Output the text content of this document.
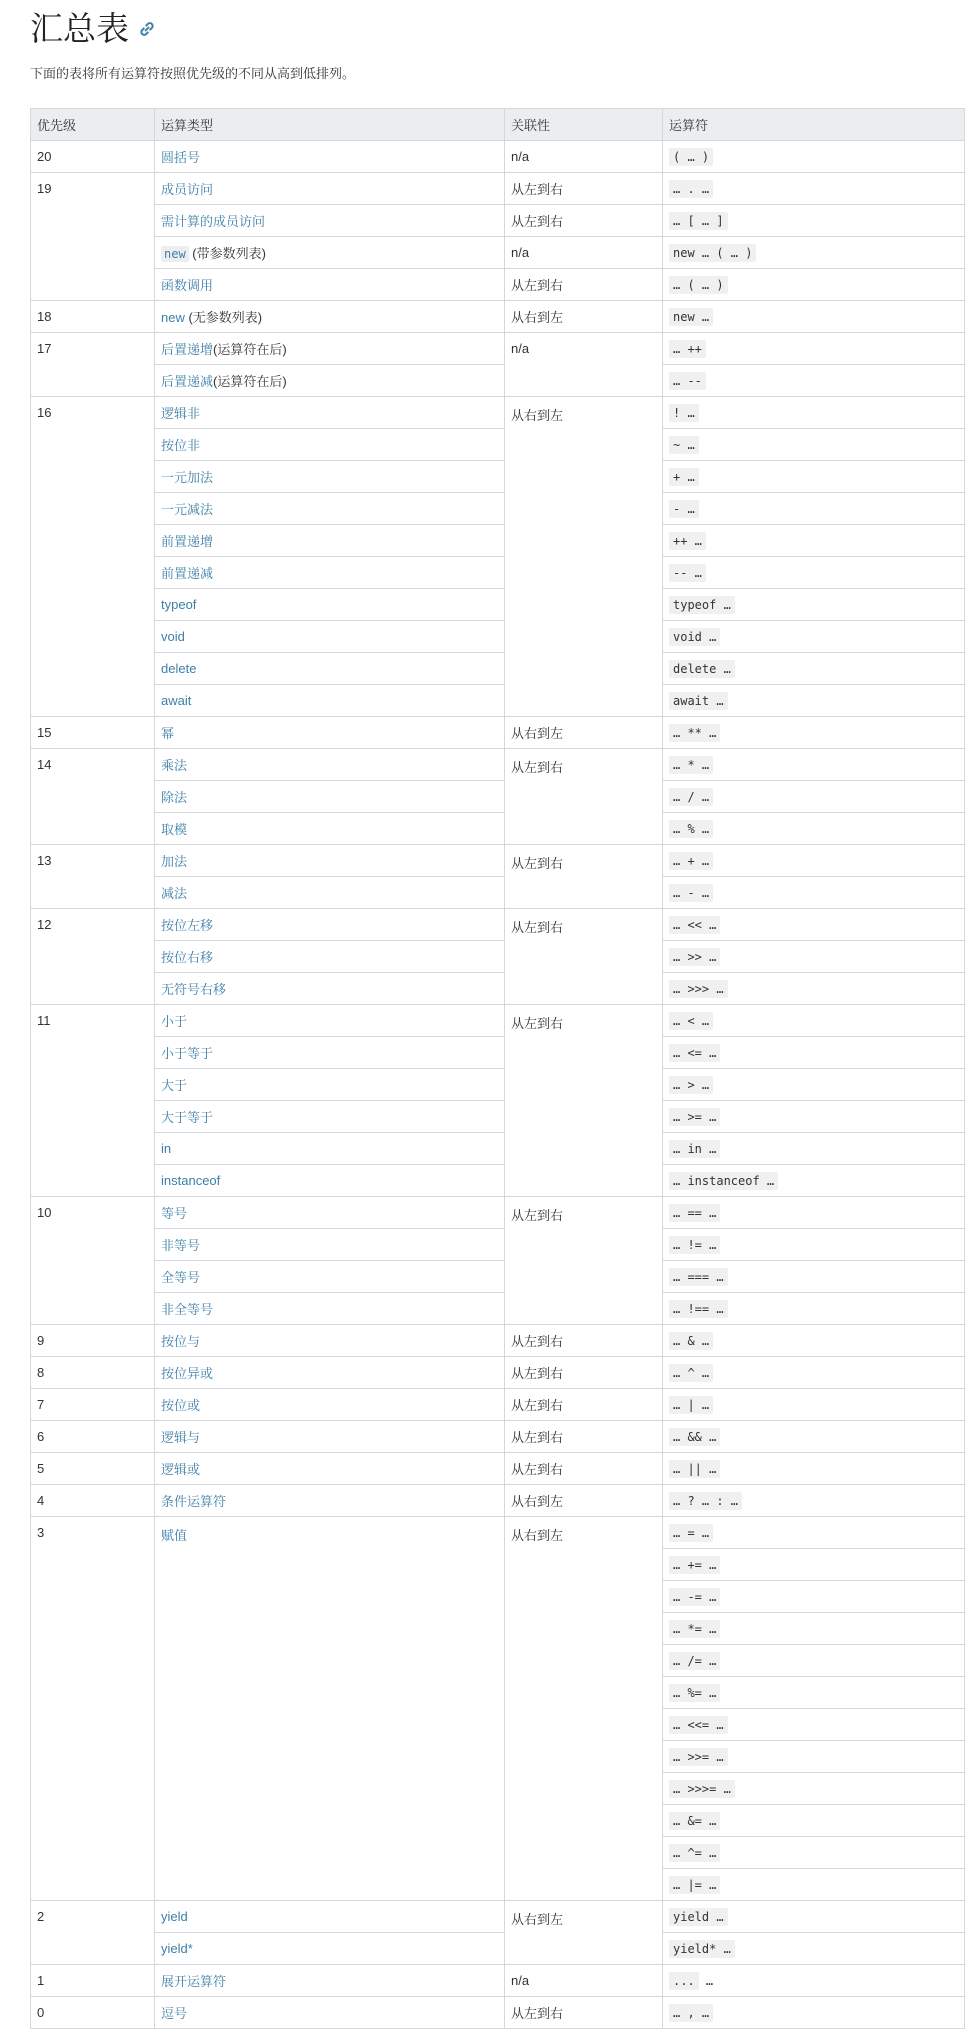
汇总表

下面的表将所有运算符按照优先级的不同从高到低排列。

优先级	运算类型	关联性	运算符
20	圆括号	n/a	( … )
19	成员访问	从左到右	… . …
	需计算的成员访问	从左到右	… [ … ]
	new (带参数列表)	n/a	new … ( … )
	函数调用	从左到右	… ( … )
18	new (无参数列表)	从右到左	new …
17	后置递增(运算符在后)	n/a	… ++
	后置递减(运算符在后)		… --
16	逻辑非	从右到左	! …
	按位非		~ …
	一元加法		+ …
	一元减法		- …
	前置递增		++ …
	前置递减		-- …
	typeof		typeof …
	void		void …
	delete		delete …
	await		await …
15	幂	从右到左	… ** …
14	乘法	从左到右	… * …
	除法		… / …
	取模		… % …
13	加法	从左到右	… + …
	减法		… - …
12	按位左移	从左到右	… << …
	按位右移		… >> …
	无符号右移		… >>> …
11	小于	从左到右	… < …
	小于等于		… <= …
	大于		… > …
	大于等于		… >= …
	in		… in …
	instanceof		… instanceof …
10	等号	从左到右	… == …
	非等号		… != …
	全等号		… === …
	非全等号		… !== …
9	按位与	从左到右	… & …
8	按位异或	从左到右	… ^ …
7	按位或	从左到右	… | …
6	逻辑与	从左到右	… && …
5	逻辑或	从左到右	… || …
4	条件运算符	从右到左	… ? … : …
3	赋值	从右到左	… = …
			… += …
			… -= …
			… *= …
			… /= …
			… %= …
			… <<= …
			… >>= …
			… >>>= …
			… &= …
			… ^= …
			… |= …
2	yield	从右到左	yield …
	yield*		yield* …
1	展开运算符	n/a	... …
0	逗号	从左到右	… , …
